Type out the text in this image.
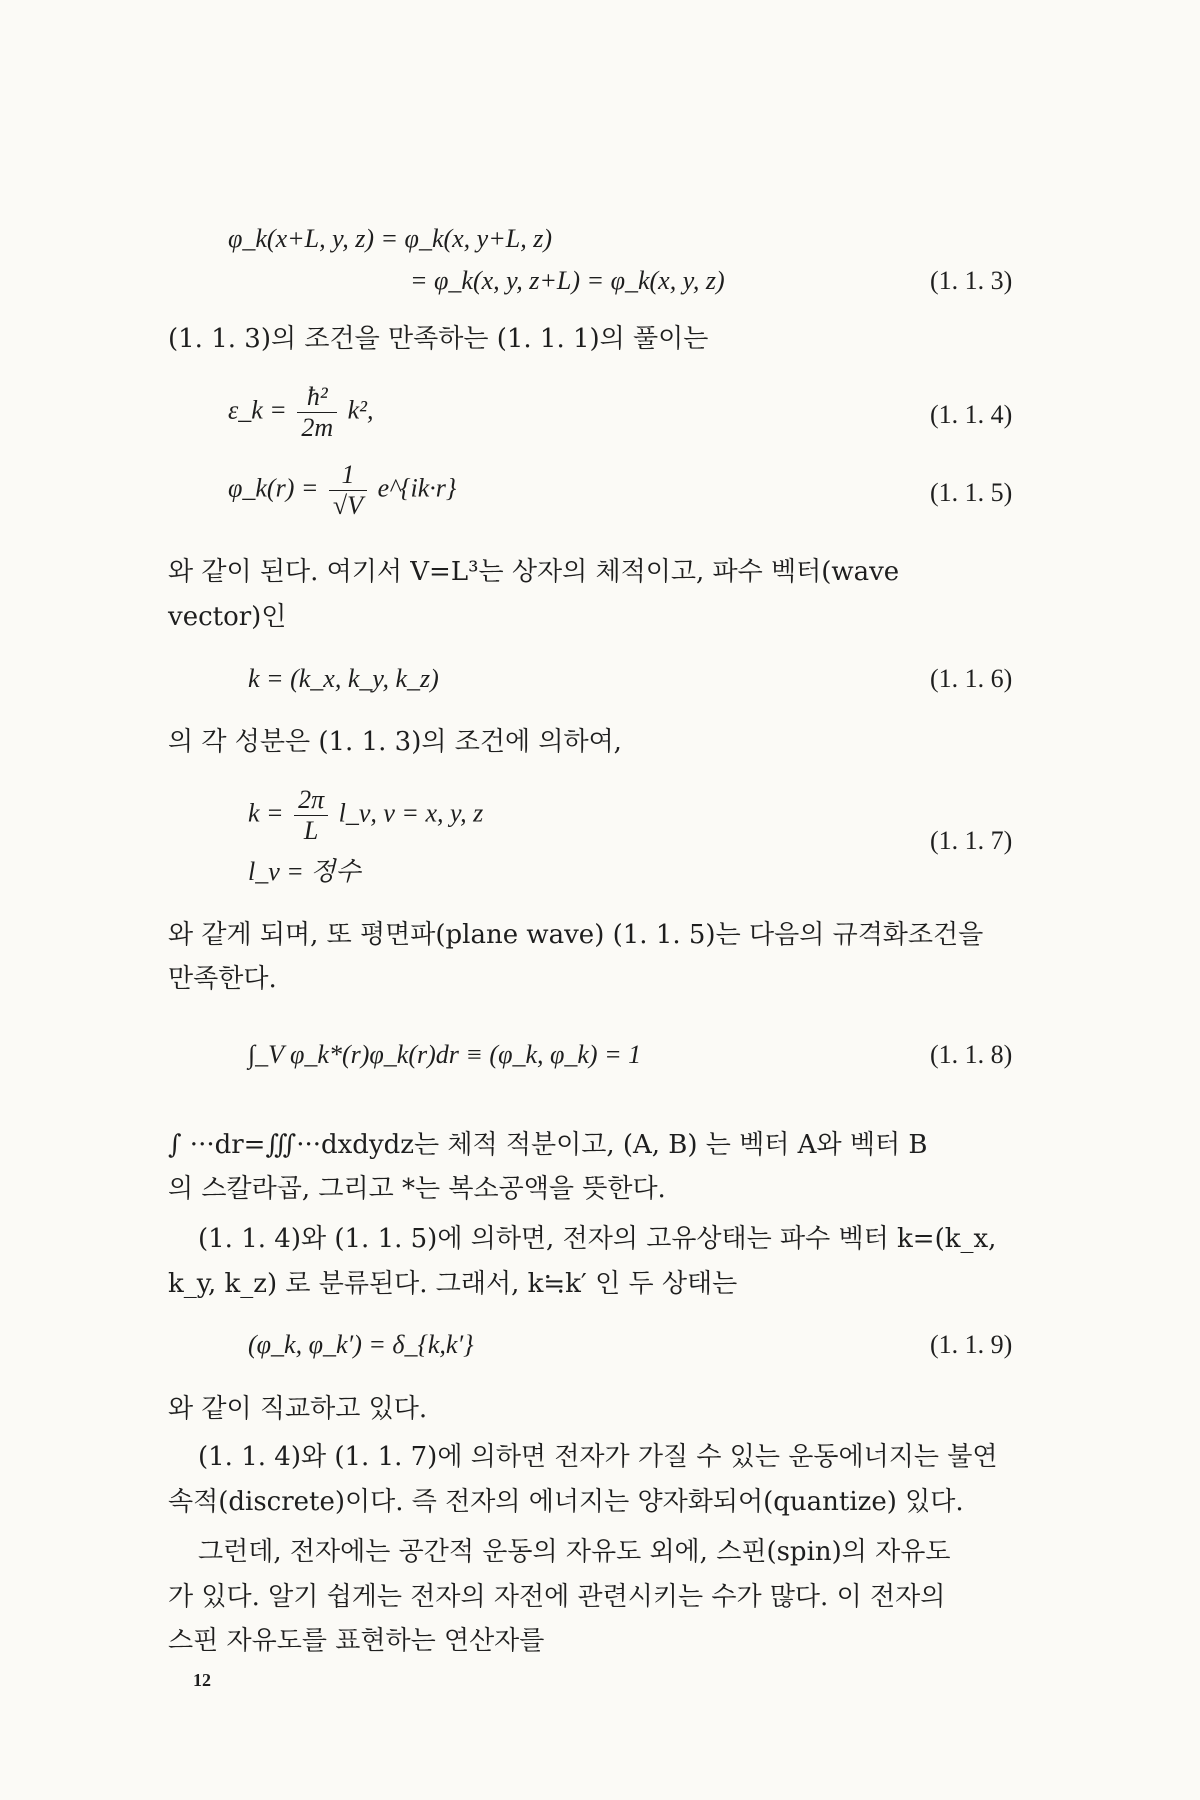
φ_k(x+L, y, z) = φ_k(x, y+L, z)
= φ_k(x, y, z+L) = φ_k(x, y, z)	(1. 1. 3)
(1. 1. 3)의 조건을 만족하는 (1. 1. 1)의 풀이는
ε_k = $\frac{\text{ħ²}}{2m} k^2$,	(1. 1. 4)
φ_k(r) = $\frac{1}{√V}$ e^{ik·r}	(1. 1. 5)
와 같이 된다. 여기서 V=L³는 상자의 체적이고, 파수 벡터(wave
vector)인
k = (k_x, k_y, k_z)	(1. 1. 6)
의 각 성분은 (1. 1. 3)의 조건에 의하여,
$k = \frac{2\pi}{L}$ l_ν, ν = x, y, z
l_ν = 정수
(1. 1. 7)
와 같게 되며, 또 평면파(plane wave) (1. 1. 5)는 다음의 규격화조건을
만족한다.
∫_V φ_k*(r)φ_k(r)dr ≡ (φ_k, φ_k) = 1	(1. 1. 8)
∫ ···dr=∭···dxdydz는 체적 적분이고, (A, B) 는 벡터 A와 벡터 B
의 스칼라곱, 그리고 *는 복소공액을 뜻한다.
(1. 1. 4)와 (1. 1. 5)에 의하면, 전자의 고유상태는 파수 벡터 k=(k_x,
k_y, k_z) 로 분류된다. 그래서, k≒k′ 인 두 상태는
(φ_k, φ_k′) = δ_{k,k′}	(1. 1. 9)
와 같이 직교하고 있다.
(1. 1. 4)와 (1. 1. 7)에 의하면 전자가 가질 수 있는 운동에너지는 불연
속적(discrete)이다. 즉 전자의 에너지는 양자화되어(quantize) 있다.
그런데, 전자에는 공간적 운동의 자유도 외에, 스핀(spin)의 자유도
가 있다. 알기 쉽게는 전자의 자전에 관련시키는 수가 많다. 이 전자의
스핀 자유도를 표현하는 연산자를
12
